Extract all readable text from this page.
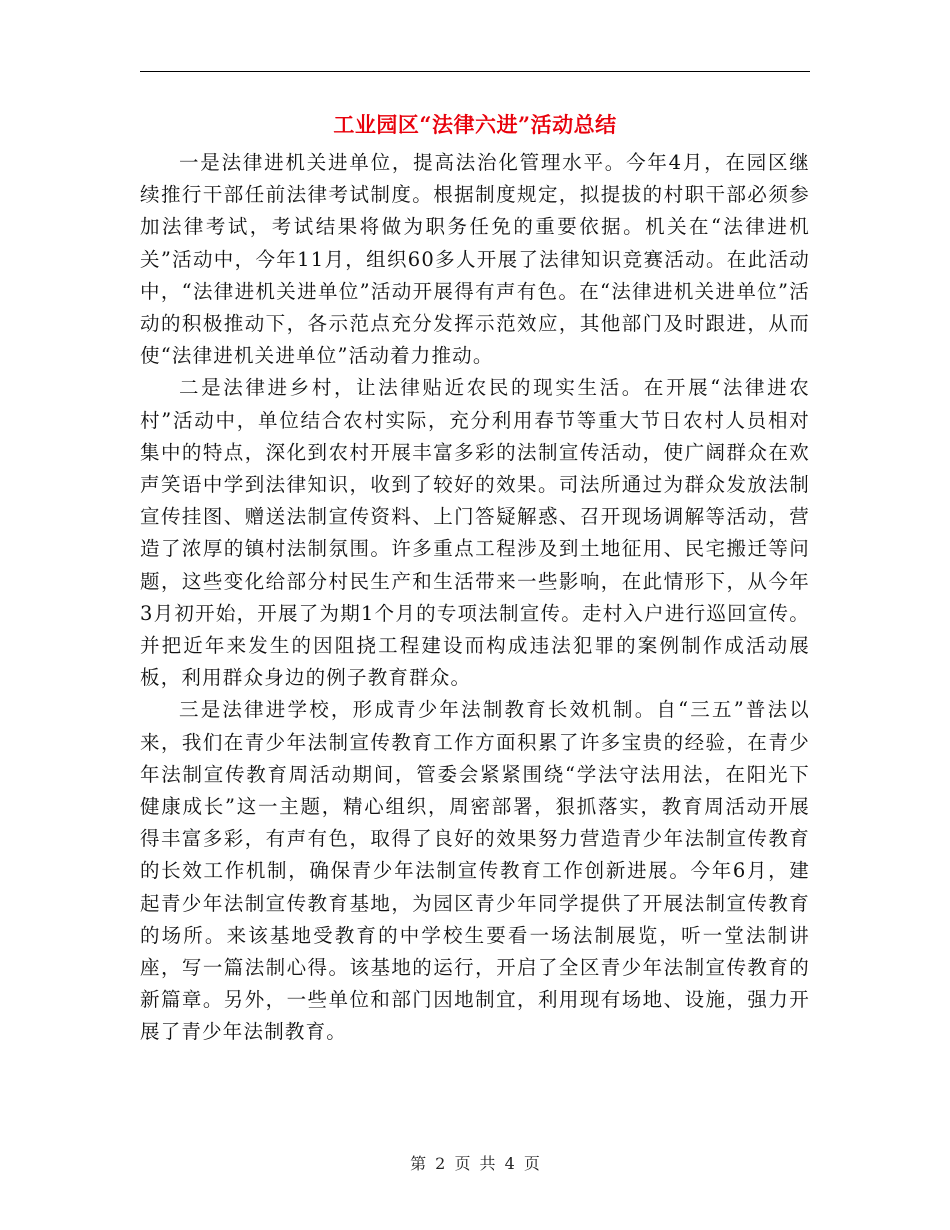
工业园区“法律六进”活动总结

一是法律进机关进单位，提高法治化管理水平。今年4月，在园区继续推行干部任前法律考试制度。根据制度规定，拟提拔的村职干部必须参加法律考试，考试结果将做为职务任免的重要依据。机关在“法律进机关”活动中，今年11月，组织60多人开展了法律知识竞赛活动。在此活动中，“法律进机关进单位”活动开展得有声有色。在“法律进机关进单位”活动的积极推动下，各示范点充分发挥示范效应，其他部门及时跟进，从而使“法律进机关进单位”活动着力推动。

二是法律进乡村，让法律贴近农民的现实生活。在开展“法律进农村”活动中，单位结合农村实际，充分利用春节等重大节日农村人员相对集中的特点，深化到农村开展丰富多彩的法制宣传活动，使广阔群众在欢声笑语中学到法律知识，收到了较好的效果。司法所通过为群众发放法制宣传挂图、赠送法制宣传资料、上门答疑解惑、召开现场调解等活动，营造了浓厚的镇村法制氛围。许多重点工程涉及到土地征用、民宅搬迁等问题，这些变化给部分村民生产和生活带来一些影响，在此情形下，从今年3月初开始，开展了为期1个月的专项法制宣传。走村入户进行巡回宣传。并把近年来发生的因阻挠工程建设而构成违法犯罪的案例制作成活动展板，利用群众身边的例子教育群众。

三是法律进学校，形成青少年法制教育长效机制。自“三五”普法以来，我们在青少年法制宣传教育工作方面积累了许多宝贵的经验，在青少年法制宣传教育周活动期间，管委会紧紧围绕“学法守法用法，在阳光下健康成长”这一主题，精心组织，周密部署，狠抓落实，教育周活动开展得丰富多彩，有声有色，取得了良好的效果努力营造青少年法制宣传教育的长效工作机制，确保青少年法制宣传教育工作创新进展。今年6月，建起青少年法制宣传教育基地，为园区青少年同学提供了开展法制宣传教育的场所。来该基地受教育的中学校生要看一场法制展览，听一堂法制讲座，写一篇法制心得。该基地的运行，开启了全区青少年法制宣传教育的新篇章。另外，一些单位和部门因地制宜，利用现有场地、设施，强力开展了青少年法制教育。

第 2 页 共 4 页
